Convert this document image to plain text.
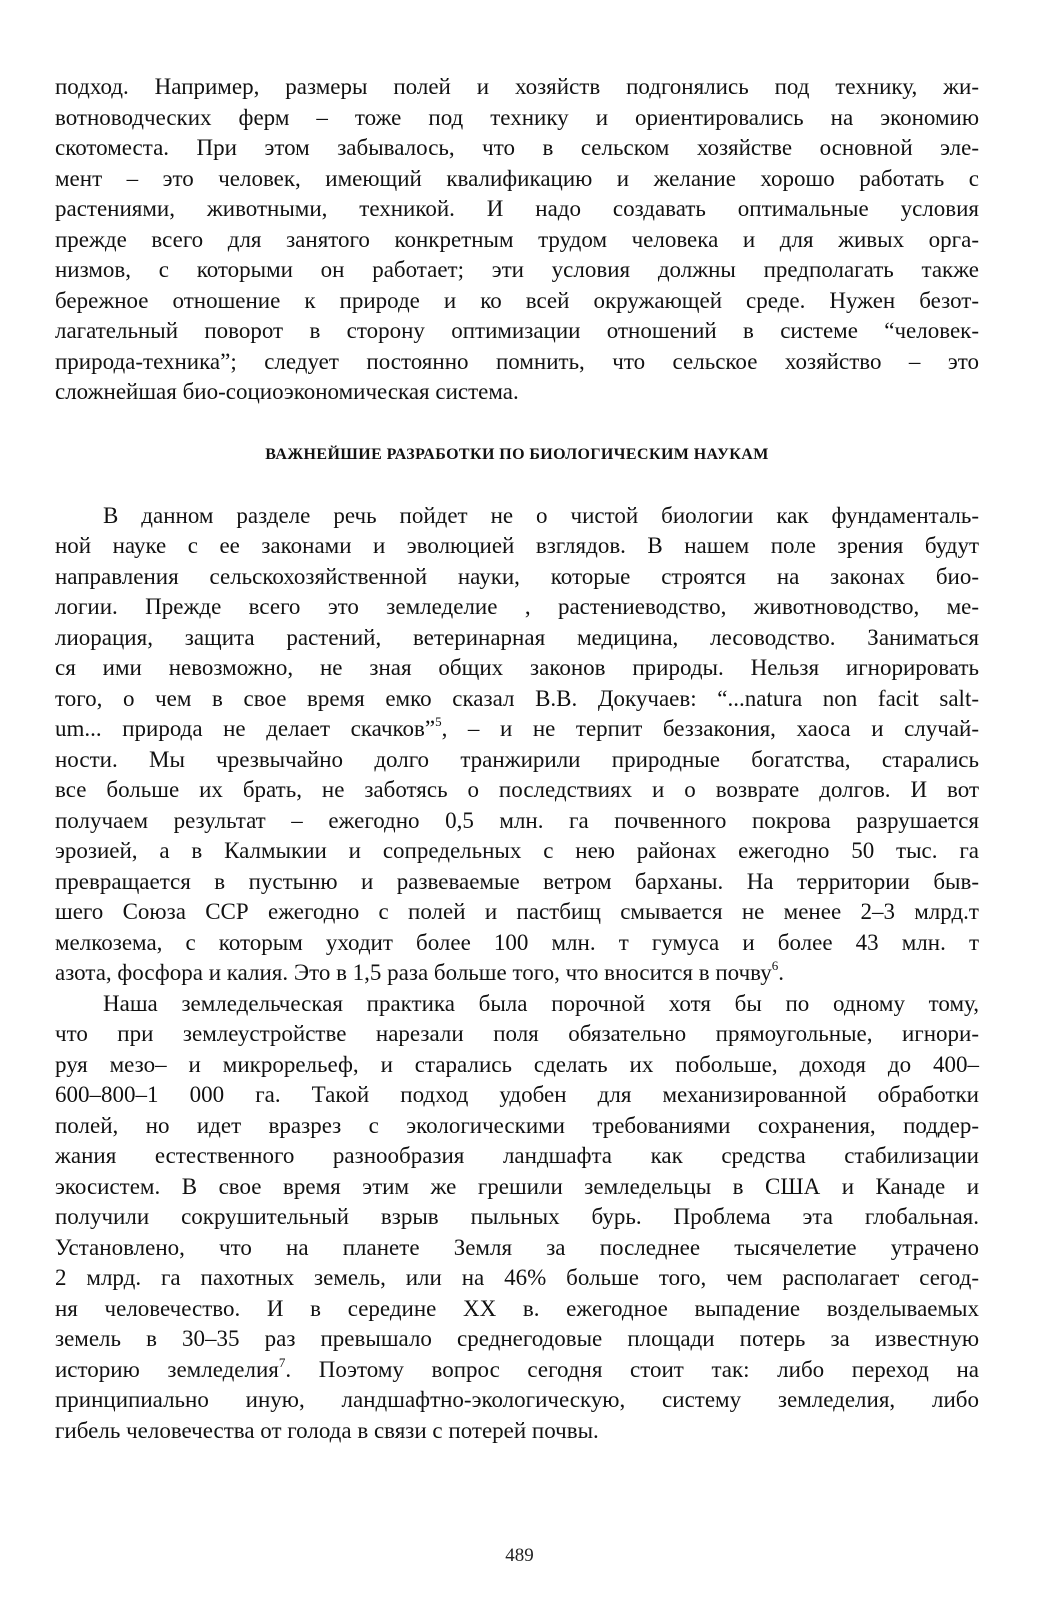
подход. Например, размеры полей и хозяйств подгонялись под технику, жи-
вотноводческих ферм – тоже под технику и ориентировались на экономию
скотоместа. При этом забывалось, что в сельском хозяйстве основной эле-
мент – это человек, имеющий квалификацию и желание хорошо работать с
растениями, животными, техникой. И надо создавать оптимальные условия
прежде всего для занятого конкретным трудом человека и для живых орга-
низмов, с которыми он работает; эти условия должны предполагать также
бережное отношение к природе и ко всей окружающей среде. Нужен безот-
лагательный поворот в сторону оптимизации отношений в системе “человек-
природа-техника”; следует постоянно помнить, что сельское хозяйство – это
сложнейшая био-социоэкономическая система.
ВАЖНЕЙШИЕ РАЗРАБОТКИ ПО БИОЛОГИЧЕСКИМ НАУКАМ
В данном разделе речь пойдет не о чистой биологии как фундаменталь-
ной науке с ее законами и эволюцией взглядов. В нашем поле зрения будут
направления сельскохозяйственной науки, которые строятся на законах био-
логии. Прежде всего это земледелие , растениеводство, животноводство, ме-
лиорация, защита растений, ветеринарная медицина, лесоводство. Заниматься
ся ими невозможно, не зная общих законов природы. Нельзя игнорировать
того, о чем в свое время емко сказал В.В. Докучаев: “...natura non facit salt-
um... природа не делает скачков”$^5$, – и не терпит беззакония, хаоса и случай-
ности. Мы чрезвычайно долго транжирили природные богатства, старались
все больше их брать, не заботясь о последствиях и о возврате долгов. И вот
получаем результат – ежегодно 0,5 млн. га почвенного покрова разрушается
эрозией, а в Калмыкии и сопредельных с нею районах ежегодно 50 тыс. га
превращается в пустыню и развеваемые ветром барханы. На территории быв-
шего Союза ССР ежегодно с полей и пастбищ смывается не менее 2–3 млрд.т
мелкозема, с которым уходит более 100 млн. т гумуса и более 43 млн. т
азота, фосфора и калия. Это в 1,5 раза больше того, что вносится в почву$^6$.
Наша земледельческая практика была порочной хотя бы по одному тому,
что при землеустройстве нарезали поля обязательно прямоугольные, игнори-
руя мезо– и микрорельеф, и старались сделать их побольше, доходя до 400–
600–800–1 000 га. Такой подход удобен для механизированной обработки
полей, но идет вразрез с экологическими требованиями сохранения, поддер-
жания естественного разнообразия ландшафта как средства стабилизации
экосистем. В свое время этим же грешили земледельцы в США и Канаде и
получили сокрушительный взрыв пыльных бурь. Проблема эта глобальная.
Установлено, что на планете Земля за последнее тысячелетие утрачено
2 млрд. га пахотных земель, или на 46% больше того, чем располагает сегод-
ня человечество. И в середине XX в. ежегодное выпадение возделываемых
земель в 30–35 раз превышало среднегодовые площади потерь за известную
историю земледелия$^7$. Поэтому вопрос сегодня стоит так: либо переход на
принципиально иную, ландшафтно-экологическую, систему земледелия, либо
гибель человечества от голода в связи с потерей почвы.
489
